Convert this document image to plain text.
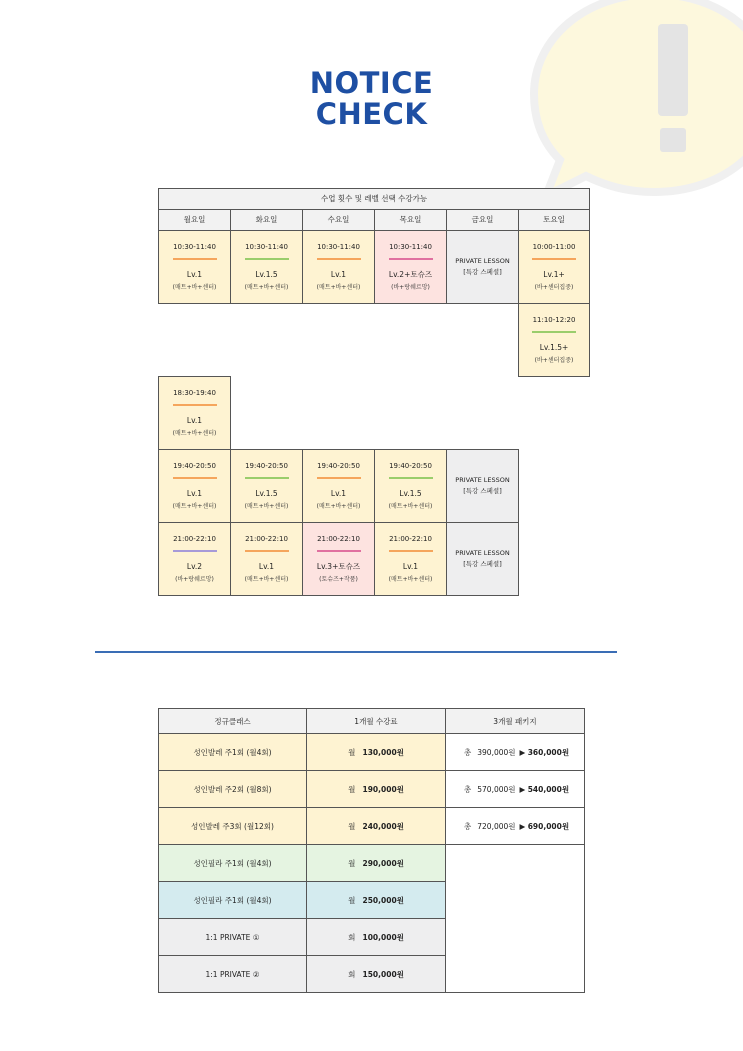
NOTICE
CHECK
수업 횟수 및 레벨 선택 수강가능					
월요일	화요일	수요일	목요일	금요일	토요일

10:30-11:40
Lv.1
(매트+바+센터)	10:30-11:40
Lv.1.5
(매트+바+센터)	10:30-11:40
Lv.1
(매트+바+센터)	10:30-11:40
Lv.2+토슈즈
(바+랑쉐르망)	PRIVATE LESSON
[특강 스페셜]	10:00-11:00
Lv.1+
(바+센터집중)

					11:10-12:20
Lv.1.5+
(바+센터집중)

18:30-19:40
Lv.1
(매트+바+센터)					

19:40-20:50
Lv.1
(매트+바+센터)	19:40-20:50
Lv.1.5
(매트+바+센터)	19:40-20:50
Lv.1
(매트+바+센터)	19:40-20:50
Lv.1.5
(매트+바+센터)	PRIVATE LESSON
[특강 스페셜]	

21:00-22:10
Lv.2
(바+랑쉐르망)	21:00-22:10
Lv.1
(매트+바+센터)	21:00-22:10
Lv.3+토슈즈
(토슈즈+작품)	21:00-22:10
Lv.1
(매트+바+센터)	PRIVATE LESSON
[특강 스페셜]	

정규클래스	1개월 수강료	3개월 패키지
성인발레 주1회 (월4회)	월 130,000원	총 390,000원 ▶ 360,000원
성인발레 주2회 (월8회)	월 190,000원	총 570,000원 ▶ 540,000원
성인발레 주3회 (월12회)	월 240,000원	총 720,000원 ▶ 690,000원
성인필라 주1회 (월4회)	월 290,000원	
성인필라 주1회 (월4회)	월 250,000원	
1:1 PRIVATE ①	회 100,000원	
1:1 PRIVATE ②	회 150,000원	
